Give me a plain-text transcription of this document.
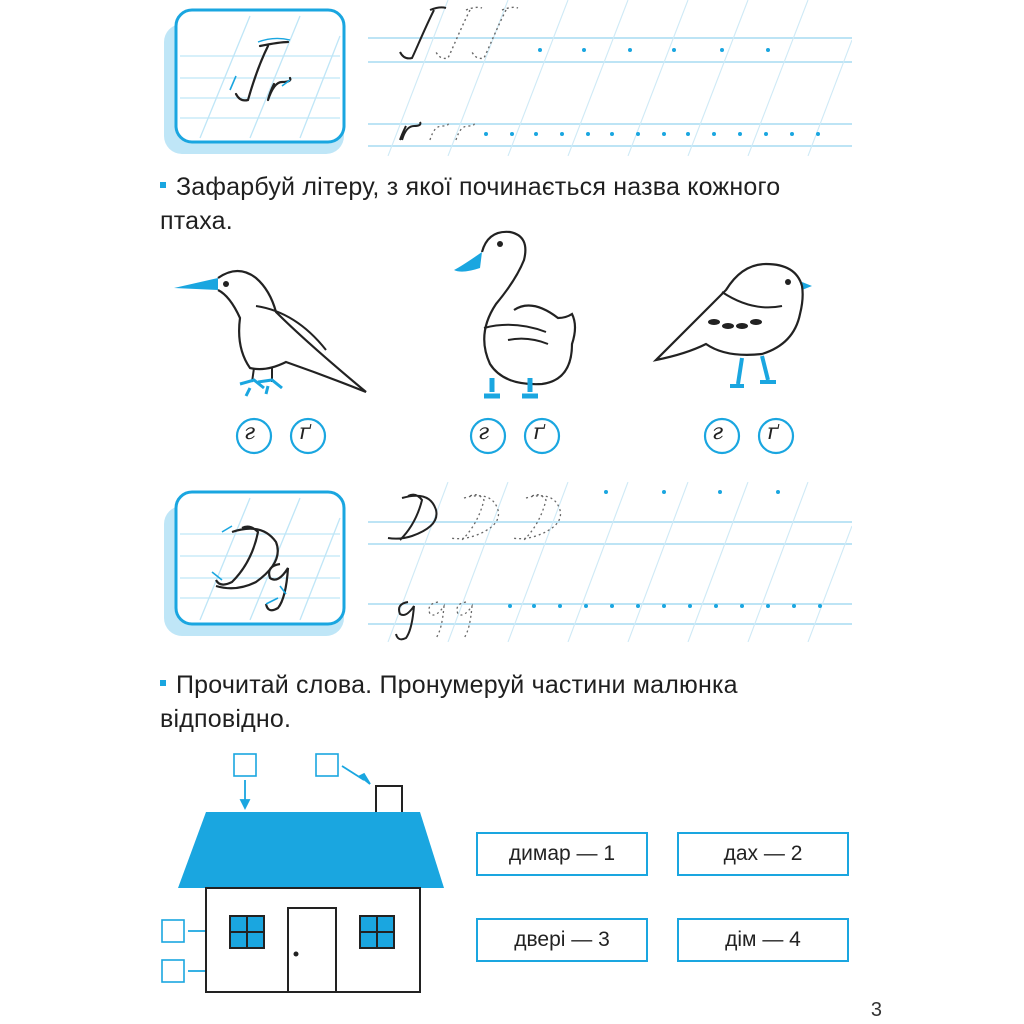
Зафарбуй літеру, з якої починається назва кожного птаха.
г ґ	г ґ	г ґ
Прочитай слова. Пронумеруй частини малюнка відповідно.
димар — 1	дах — 2
двері — 3	дім — 4
3
